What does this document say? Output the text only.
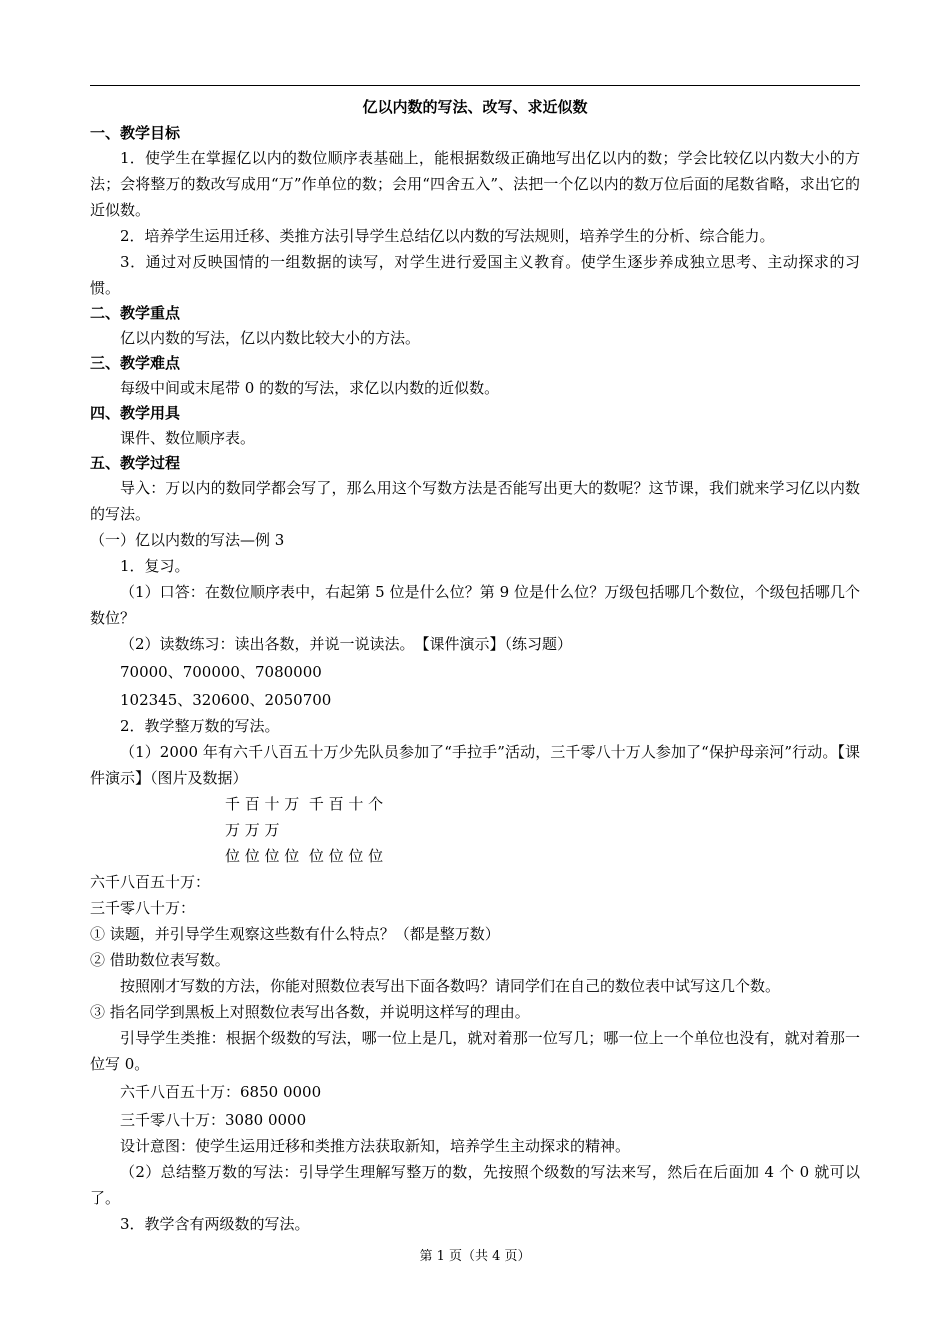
亿以内数的写法、改写、求近似数
一、教学目标
1．使学生在掌握亿以内的数位顺序表基础上，能根据数级正确地写出亿以内的数；学会比较亿以内数大小的方法；会将整万的数改写成用“万”作单位的数；会用“四舍五入”、法把一个亿以内的数万位后面的尾数省略，求出它的近似数。
2．培养学生运用迁移、类推方法引导学生总结亿以内数的写法规则，培养学生的分析、综合能力。
3．通过对反映国情的一组数据的读写，对学生进行爱国主义教育。使学生逐步养成独立思考、主动探求的习惯。
二、教学重点
亿以内数的写法，亿以内数比较大小的方法。
三、教学难点
每级中间或末尾带 0 的数的写法，求亿以内数的近似数。
四、教学用具
课件、数位顺序表。
五、教学过程
导入：万以内的数同学都会写了，那么用这个写数方法是否能写出更大的数呢？这节课，我们就来学习亿以内数的写法。
（一）亿以内数的写法—例 3
1．复习。
（1）口答：在数位顺序表中，右起第 5 位是什么位？第 9 位是什么位？万级包括哪几个数位，个级包括哪几个数位？
（2）读数练习：读出各数，并说一说读法。　【课件演示】（练习题）
70000、700000、7080000
102345、320600、2050700
2．教学整万数的写法。
（1）2000 年有六千八百五十万少先队员参加了“手拉手”活动，三千零八十万人参加了“保护母亲河”行动。【课件演示】（图片及数据）
千 百 十 万  千 百 十 个
万 万 万
位 位 位 位  位 位 位 位
六千八百五十万：
三千零八十万：
① 读题，并引导学生观察这些数有什么特点？（都是整万数）
② 借助数位表写数。
按照刚才写数的方法，你能对照数位表写出下面各数吗？请同学们在自己的数位表中试写这几个数。
③ 指名同学到黑板上对照数位表写出各数，并说明这样写的理由。
引导学生类推：根据个级数的写法，哪一位上是几，就对着那一位写几；哪一位上一个单位也没有，就对着那一位写 0。
六千八百五十万：6850 0000
三千零八十万：3080 0000
设计意图：使学生运用迁移和类推方法获取新知，培养学生主动探求的精神。
（2）总结整万数的写法：引导学生理解写整万的数，先按照个级数的写法来写，然后在后面加 4 个 0 就可以了。
3．教学含有两级数的写法。
第 1 页（共 4 页）
